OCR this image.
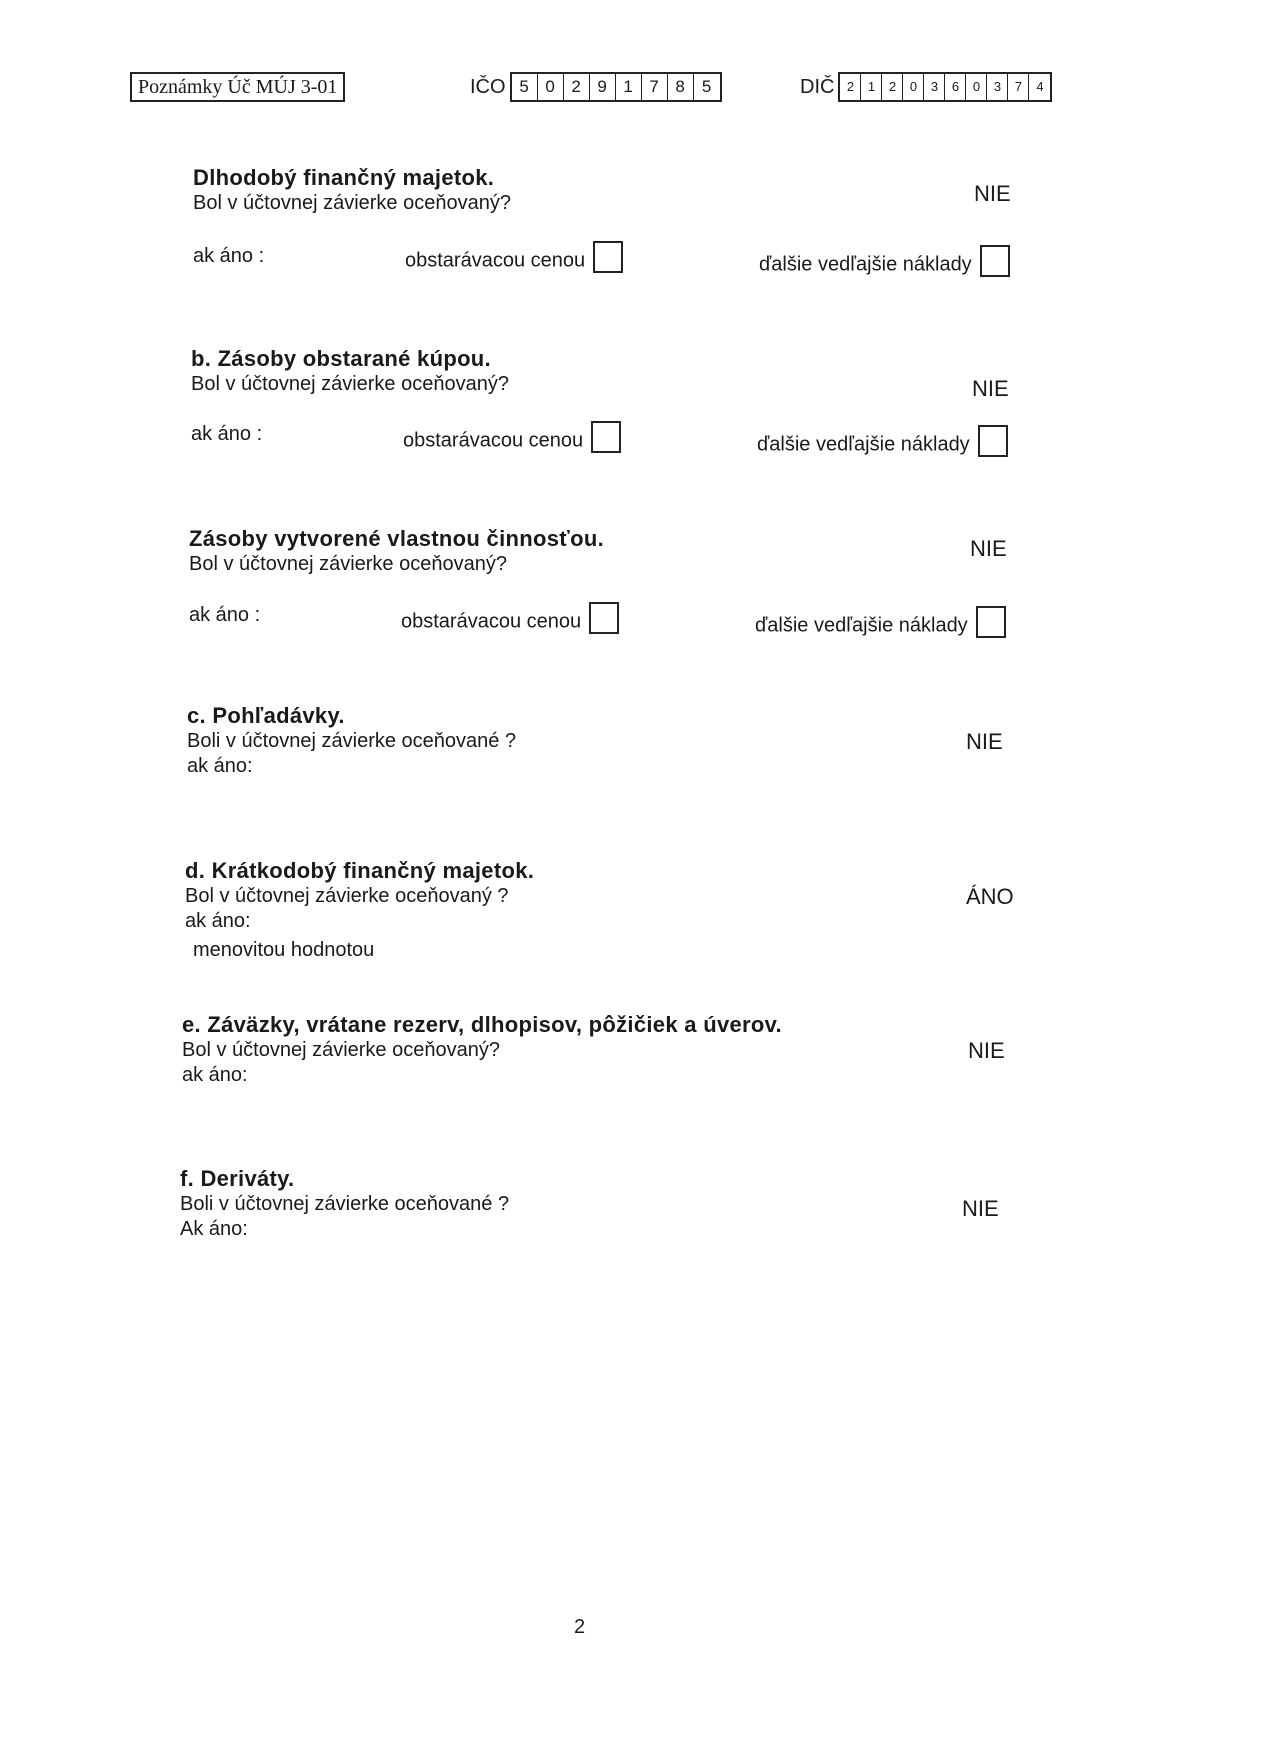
Poznámky Úč MÚJ 3-01	IČO 5 0 2 9 1 7 8	5	DIČ 2	1	2	0	3	6	0	3	7	4
Dlhodobý finančný majetok.
Bol v účtovnej závierke oceňovaný?	NIE
ak áno :	obstarávacou cenou	ďalšie vedľajšie náklady
b. Zásoby obstarané kúpou.
Bol v účtovnej závierke oceňovaný?	NIE
ak áno :	obstarávacou cenou	ďalšie vedľajšie náklady
Zásoby vytvorené vlastnou činnosťou.
Bol v účtovnej závierke oceňovaný?
NIE
ak áno :	obstarávacou cenou	ďalšie vedľajšie náklady
c. Pohľadávky.
Boli v účtovnej závierke oceňované ?
ak áno:
NIE
d. Krátkodobý finančný majetok.
Bol v účtovnej závierke oceňovaný ?
ak áno:
menovitou hodnotou
ÁNO
e. Záväzky, vrátane rezerv, dlhopisov, pôžičiek a úverov.
Bol v účtovnej závierke oceňovaný?
ak áno:
NIE
f. Deriváty.
Boli v účtovnej závierke oceňované ?
Ak áno:
NIE
2
